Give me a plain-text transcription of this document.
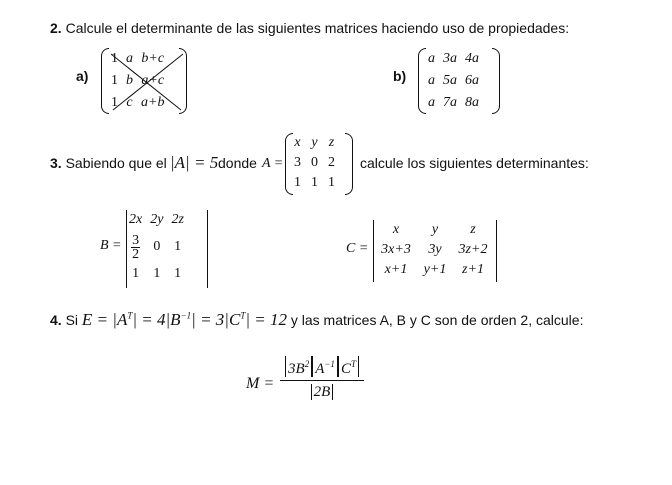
2. Calcule el determinante de las siguientes matrices haciendo uso de propiedades:
a)
1	a	b+c
1	b	a+c
1	c	a+b
b)
a	3a	4a
a	5a	6a
a	7a	8a
3. Sabiendo que el |A| = 5 donde A =
x	y	z
3	0	2
1	1	1
calcule los siguientes determinantes:
B =
2x	2y	2z

$\frac{3}{2}$	0	1
1	1	1
C =
x	y	z
3x+3	3y	3z+2
x+1	y+1	z+1
4. Si $E = |A^T| = 4|B^{-1}| = 3|C^T| = 12$ y las matrices A, B y C son de orden 2, calcule:
$M = \frac{3B^2 A^{-1} C^T}{2B}$
